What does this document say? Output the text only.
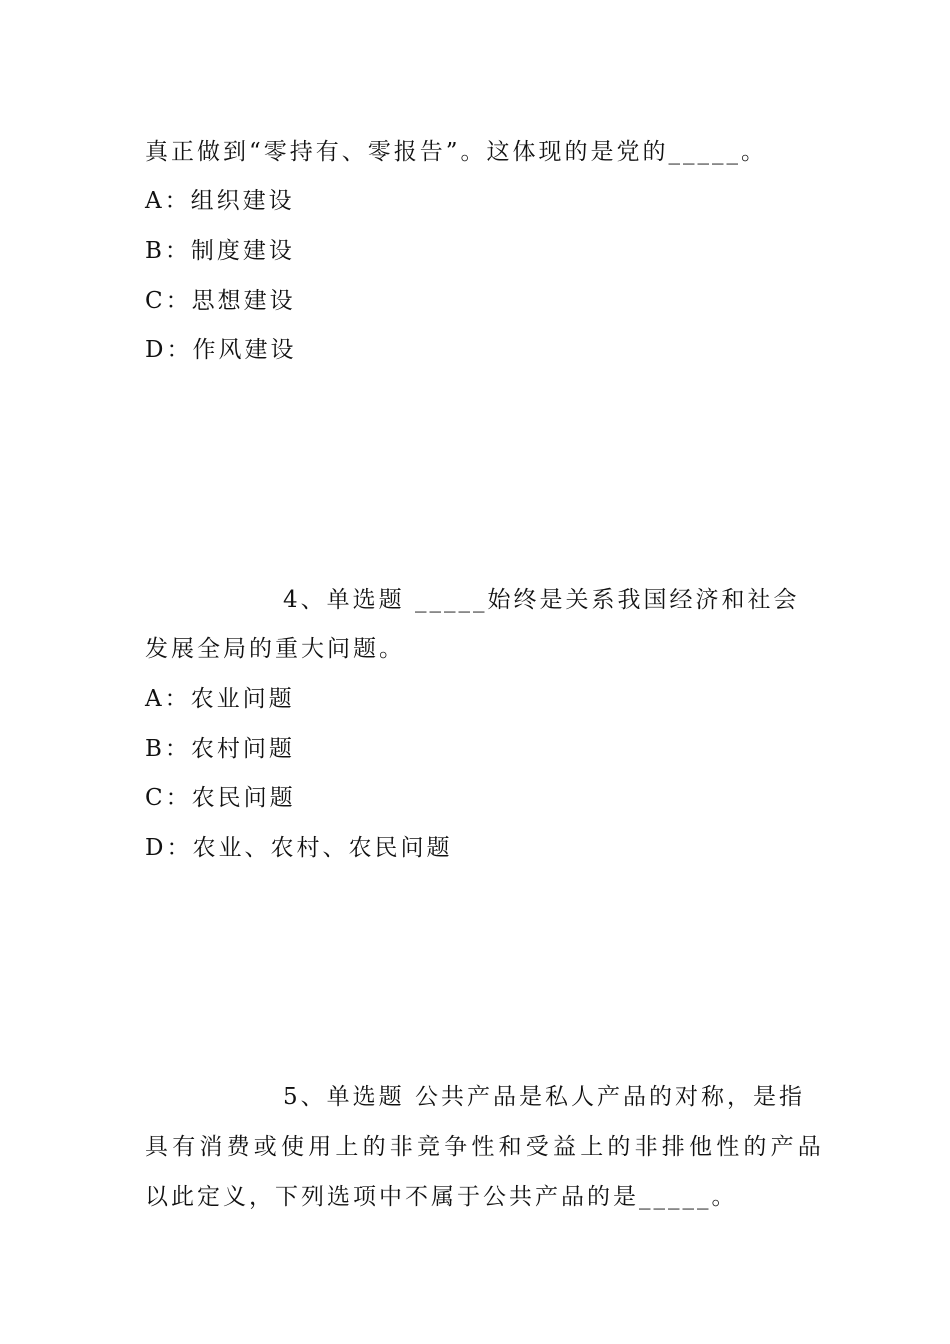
真正做到“零持有、零报告”。这体现的是党的_____。
A：组织建设
B：制度建设
C：思想建设
D：作风建设
4、单选题 _____始终是关系我国经济和社会
发展全局的重大问题。
A：农业问题
B：农村问题
C：农民问题
D：农业、农村、农民问题
5、单选题 公共产品是私人产品的对称，是指
具有消费或使用上的非竞争性和受益上的非排他性的产品
以此定义，下列选项中不属于公共产品的是_____。
